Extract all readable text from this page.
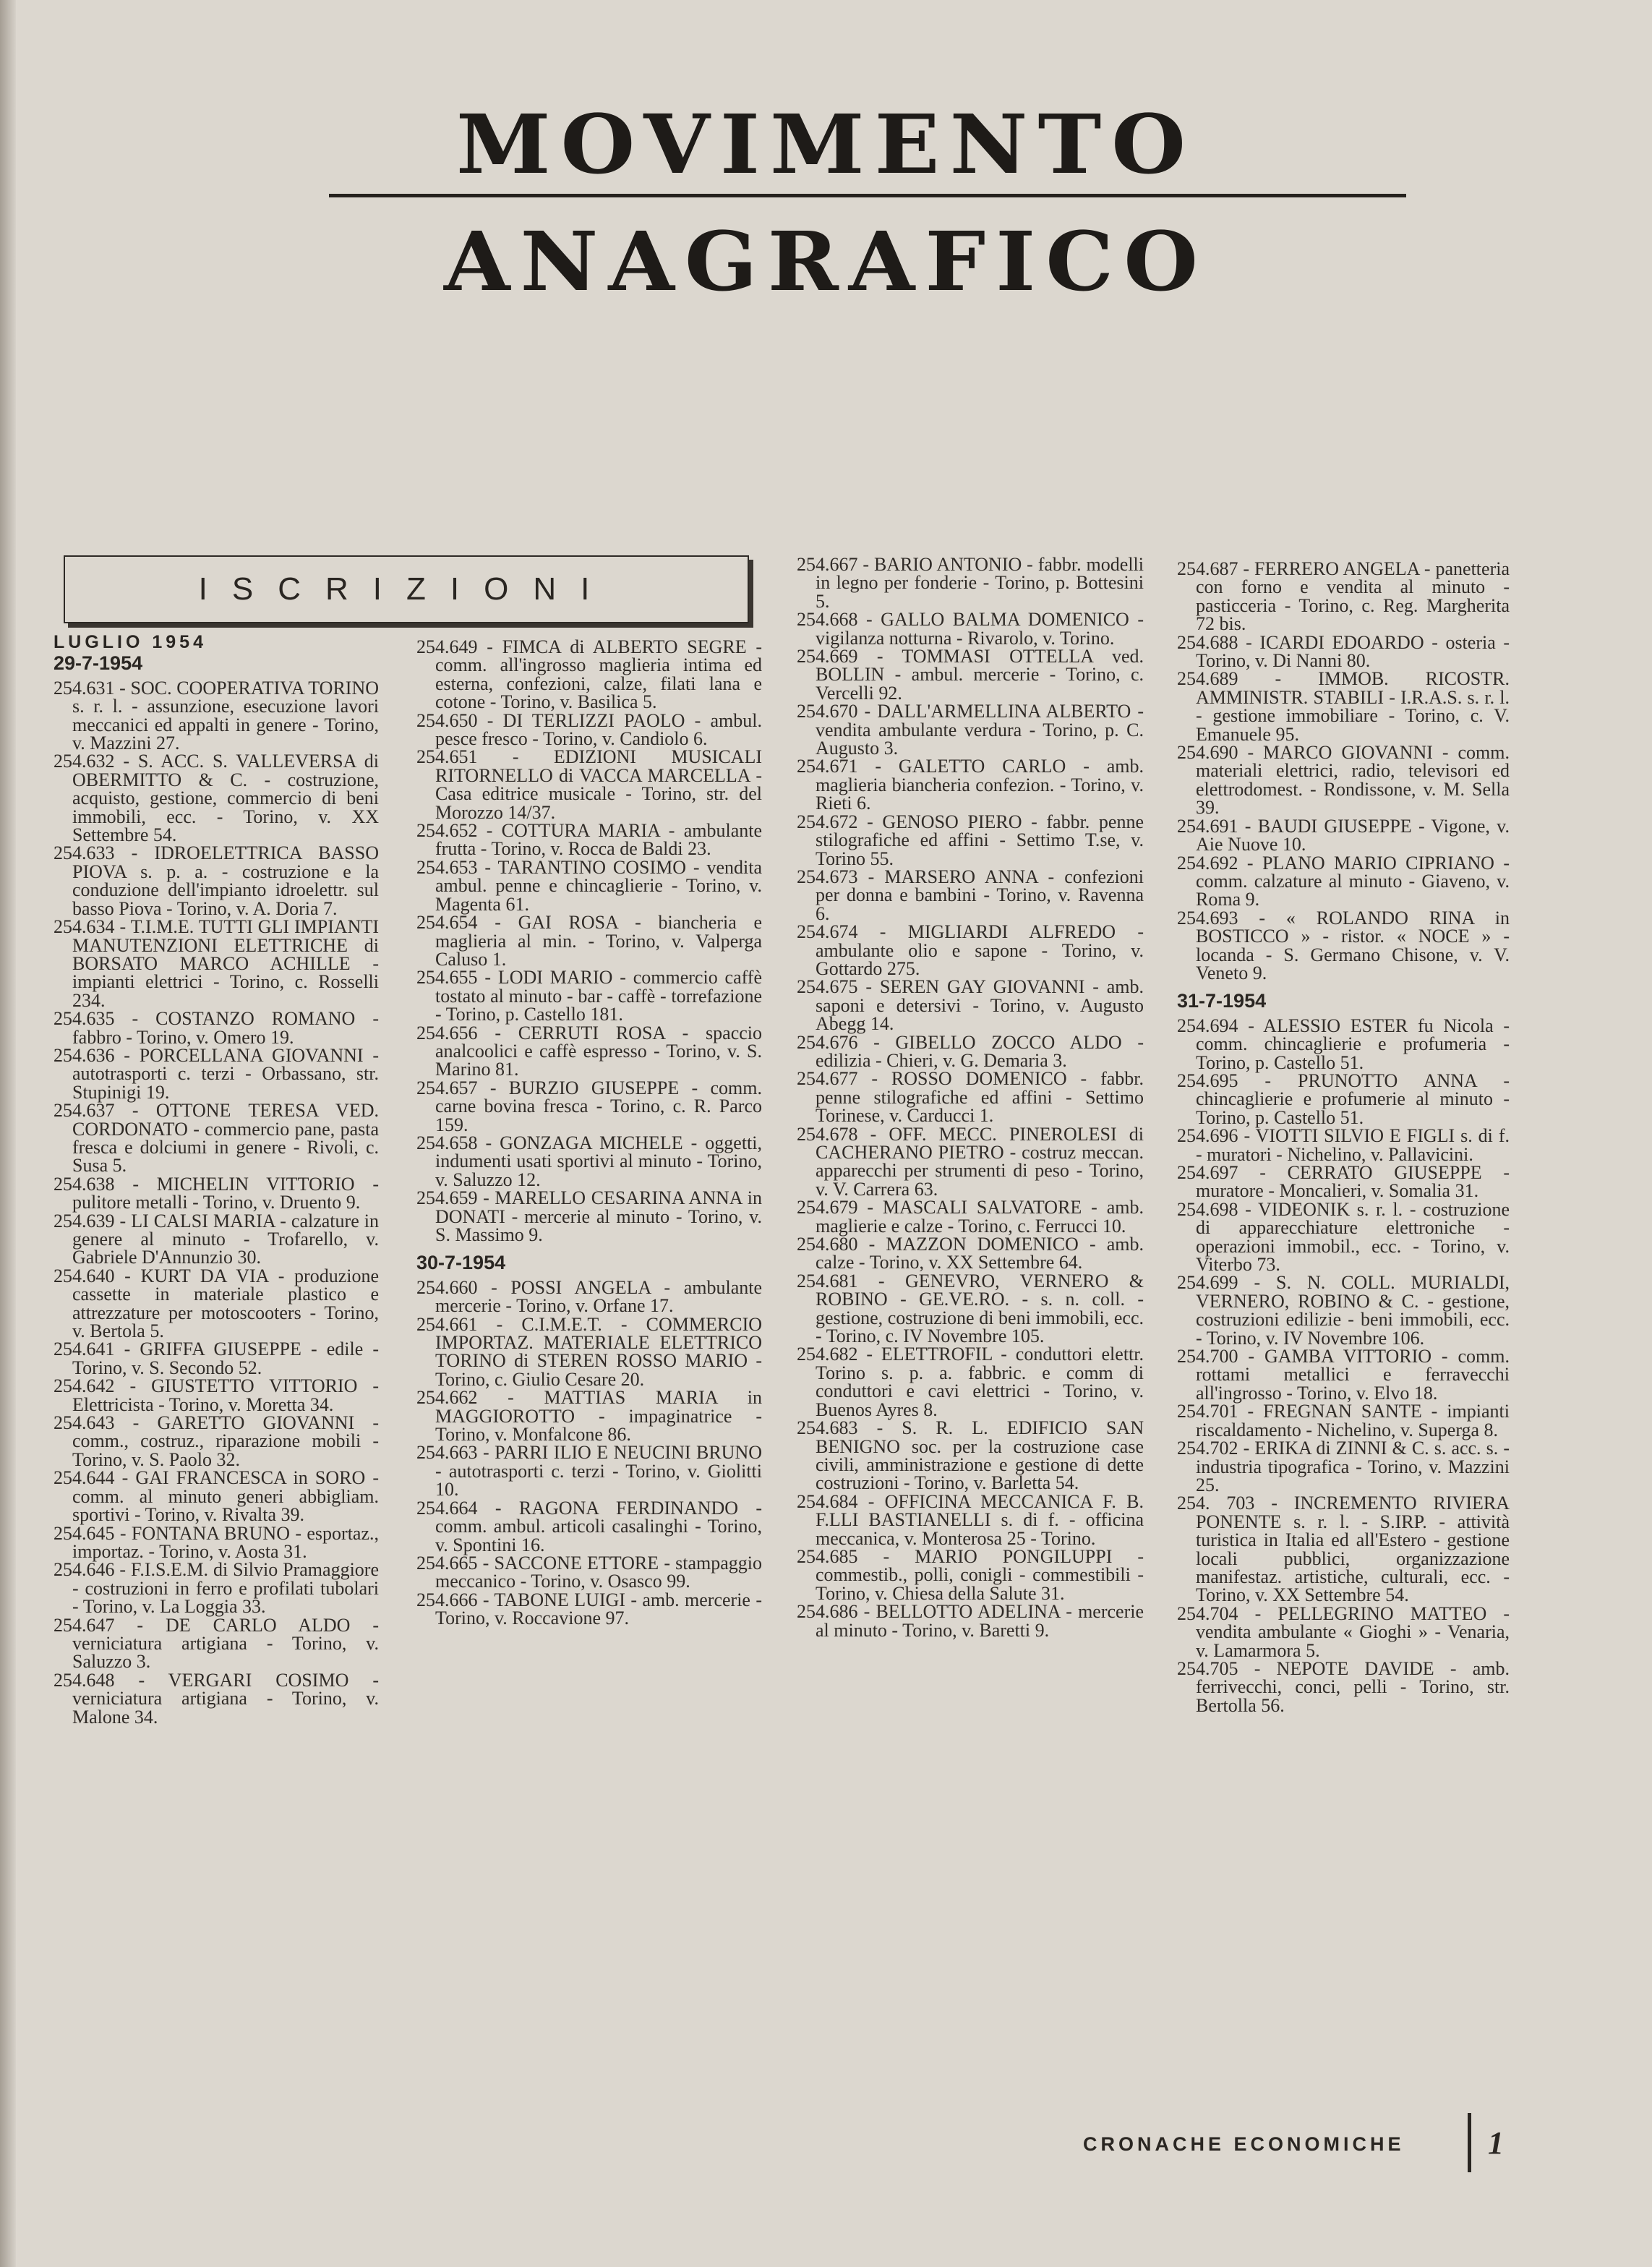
MOVIMENTO
ANAGRAFICO
ISCRIZIONI
LUGLIO 1954

29-7-1954

254.631 - SOC. COOPERATIVA TORINO s. r. l. - assunzione, esecuzione lavori meccanici ed appalti in genere - Torino, v. Mazzini 27.

254.632 - S. ACC. S. VALLEVERSA di OBERMITTO & C. - costruzione, acquisto, gestione, commercio di beni immobili, ecc. - Torino, v. XX Settembre 54.

254.633 - IDROELETTRICA BASSO PIOVA s. p. a. - costruzione e la conduzione dell'impianto idroelettr. sul basso Piova - Torino, v. A. Doria 7.

254.634 - T.I.M.E. TUTTI GLI IMPIANTI MANUTENZIONI ELETTRICHE di BORSATO MARCO ACHILLE - impianti elettrici - Torino, c. Rosselli 234.

254.635 - COSTANZO ROMANO - fabbro - Torino, v. Omero 19.

254.636 - PORCELLANA GIOVANNI - autotrasporti c. terzi - Orbassano, str. Stupinigi 19.

254.637 - OTTONE TERESA VED. CORDONATO - commercio pane, pasta fresca e dolciumi in genere - Rivoli, c. Susa 5.

254.638 - MICHELIN VITTORIO - pulitore metalli - Torino, v. Druento 9.

254.639 - LI CALSI MARIA - calzature in genere al minuto - Trofarello, v. Gabriele D'Annunzio 30.

254.640 - KURT DA VIA - produzione cassette in materiale plastico e attrezzature per motoscooters - Torino, v. Bertola 5.

254.641 - GRIFFA GIUSEPPE - edile - Torino, v. S. Secondo 52.

254.642 - GIUSTETTO VITTORIO - Elettricista - Torino, v. Moretta 34.

254.643 - GARETTO GIOVANNI - comm., costruz., riparazione mobili - Torino, v. S. Paolo 32.

254.644 - GAI FRANCESCA in SORO - comm. al minuto generi abbigliam. sportivi - Torino, v. Rivalta 39.

254.645 - FONTANA BRUNO - esportaz., importaz. - Torino, v. Aosta 31.

254.646 - F.I.S.E.M. di Silvio Pramaggiore - costruzioni in ferro e profilati tubolari - Torino, v. La Loggia 33.

254.647 - DE CARLO ALDO - verniciatura artigiana - Torino, v. Saluzzo 3.

254.648 - VERGARI COSIMO - verniciatura artigiana - Torino, v. Malone 34.

254.649 - FIMCA di ALBERTO SEGRE - comm. all'ingrosso maglieria intima ed esterna, confezioni, calze, filati lana e cotone - Torino, v. Basilica 5.

254.650 - DI TERLIZZI PAOLO - ambul. pesce fresco - Torino, v. Candiolo 6.

254.651 - EDIZIONI MUSICALI RITORNELLO di VACCA MARCELLA - Casa editrice musicale - Torino, str. del Morozzo 14/37.

254.652 - COTTURA MARIA - ambulante frutta - Torino, v. Rocca de Baldi 23.

254.653 - TARANTINO COSIMO - vendita ambul. penne e chincaglierie - Torino, v. Magenta 61.

254.654 - GAI ROSA - biancheria e maglieria al min. - Torino, v. Valperga Caluso 1.

254.655 - LODI MARIO - commercio caffè tostato al minuto - bar - caffè - torrefazione - Torino, p. Castello 181.

254.656 - CERRUTI ROSA - spaccio analcoolici e caffè espresso - Torino, v. S. Marino 81.

254.657 - BURZIO GIUSEPPE - comm. carne bovina fresca - Torino, c. R. Parco 159.

254.658 - GONZAGA MICHELE - oggetti, indumenti usati sportivi al minuto - Torino, v. Saluzzo 12.

254.659 - MARELLO CESARINA ANNA in DONATI - mercerie al minuto - Torino, v. S. Massimo 9.

30-7-1954

254.660 - POSSI ANGELA - ambulante mercerie - Torino, v. Orfane 17.

254.661 - C.I.M.E.T. - COMMERCIO IMPORTAZ. MATERIALE ELETTRICO TORINO di STEREN ROSSO MARIO - Torino, c. Giulio Cesare 20.

254.662 - MATTIAS MARIA in MAGGIOROTTO - impaginatrice - Torino, v. Monfalcone 86.

254.663 - PARRI ILIO E NEUCINI BRUNO - autotrasporti c. terzi - Torino, v. Giolitti 10.

254.664 - RAGONA FERDINANDO - comm. ambul. articoli casalinghi - Torino, v. Spontini 16.

254.665 - SACCONE ETTORE - stampaggio meccanico - Torino, v. Osasco 99.

254.666 - TABONE LUIGI - amb. mercerie - Torino, v. Roccavione 97.

254.667 - BARIO ANTONIO - fabbr. modelli in legno per fonderie - Torino, p. Bottesini 5.

254.668 - GALLO BALMA DOMENICO - vigilanza notturna - Rivarolo, v. Torino.

254.669 - TOMMASI OTTELLA ved. BOLLIN - ambul. mercerie - Torino, c. Vercelli 92.

254.670 - DALL'ARMELLINA ALBERTO - vendita ambulante verdura - Torino, p. C. Augusto 3.

254.671 - GALETTO CARLO - amb. maglieria biancheria confezion. - Torino, v. Rieti 6.

254.672 - GENOSO PIERO - fabbr. penne stilografiche ed affini - Settimo T.se, v. Torino 55.

254.673 - MARSERO ANNA - confezioni per donna e bambini - Torino, v. Ravenna 6.

254.674 - MIGLIARDI ALFREDO - ambulante olio e sapone - Torino, v. Gottardo 275.

254.675 - SEREN GAY GIOVANNI - amb. saponi e detersivi - Torino, v. Augusto Abegg 14.

254.676 - GIBELLO ZOCCO ALDO - edilizia - Chieri, v. G. Demaria 3.

254.677 - ROSSO DOMENICO - fabbr. penne stilografiche ed affini - Settimo Torinese, v. Carducci 1.

254.678 - OFF. MECC. PINEROLESI di CACHERANO PIETRO - costruz meccan. apparecchi per strumenti di peso - Torino, v. V. Carrera 63.

254.679 - MASCALI SALVATORE - amb. maglierie e calze - Torino, c. Ferrucci 10.

254.680 - MAZZON DOMENICO - amb. calze - Torino, v. XX Settembre 64.

254.681 - GENEVRO, VERNERO & ROBINO - GE.VE.RO. - s. n. coll. - gestione, costruzione di beni immobili, ecc. - Torino, c. IV Novembre 105.

254.682 - ELETTROFIL - conduttori elettr. Torino s. p. a. fabbric. e comm di conduttori e cavi elettrici - Torino, v. Buenos Ayres 8.

254.683 - S. R. L. EDIFICIO SAN BENIGNO soc. per la costruzione case civili, amministrazione e gestione di dette costruzioni - Torino, v. Barletta 54.

254.684 - OFFICINA MECCANICA F. B. F.LLI BASTIANELLI s. di f. - officina meccanica, v. Monterosa 25 - Torino.

254.685 - MARIO PONGILUPPI - commestib., polli, conigli - commestibili - Torino, v. Chiesa della Salute 31.

254.686 - BELLOTTO ADELINA - mercerie al minuto - Torino, v. Baretti 9.

254.687 - FERRERO ANGELA - panetteria con forno e vendita al minuto - pasticceria - Torino, c. Reg. Margherita 72 bis.

254.688 - ICARDI EDOARDO - osteria - Torino, v. Di Nanni 80.

254.689 - IMMOB. RICOSTR. AMMINISTR. STABILI - I.R.A.S. s. r. l. - gestione immobiliare - Torino, c. V. Emanuele 95.

254.690 - MARCO GIOVANNI - comm. materiali elettrici, radio, televisori ed elettrodomest. - Rondissone, v. M. Sella 39.

254.691 - BAUDI GIUSEPPE - Vigone, v. Aie Nuove 10.

254.692 - PLANO MARIO CIPRIANO - comm. calzature al minuto - Giaveno, v. Roma 9.

254.693 - « ROLANDO RINA in BOSTICCO » - ristor. « NOCE » - locanda - S. Germano Chisone, v. V. Veneto 9.

31-7-1954

254.694 - ALESSIO ESTER fu Nicola - comm. chincaglierie e profumeria - Torino, p. Castello 51.

254.695 - PRUNOTTO ANNA - chincaglierie e profumerie al minuto - Torino, p. Castello 51.

254.696 - VIOTTI SILVIO E FIGLI s. di f. - muratori - Nichelino, v. Pallavicini.

254.697 - CERRATO GIUSEPPE - muratore - Moncalieri, v. Somalia 31.

254.698 - VIDEONIK s. r. l. - costruzione di apparecchiature elettroniche - operazioni immobil., ecc. - Torino, v. Viterbo 73.

254.699 - S. N. COLL. MURIALDI, VERNERO, ROBINO & C. - gestione, costruzioni edilizie - beni immobili, ecc. - Torino, v. IV Novembre 106.

254.700 - GAMBA VITTORIO - comm. rottami metallici e ferravecchi all'ingrosso - Torino, v. Elvo 18.

254.701 - FREGNAN SANTE - impianti riscaldamento - Nichelino, v. Superga 8.

254.702 - ERIKA di ZINNI & C. s. acc. s. - industria tipografica - Torino, v. Mazzini 25.

254. 703 - INCREMENTO RIVIERA PONENTE s. r. l. - S.IRP. - attività turistica in Italia ed all'Estero - gestione locali pubblici, organizzazione manifestaz. artistiche, culturali, ecc. - Torino, v. XX Settembre 54.

254.704 - PELLEGRINO MATTEO - vendita ambulante « Gioghi » - Venaria, v. Lamarmora 5.

254.705 - NEPOTE DAVIDE - amb. ferrivecchi, conci, pelli - Torino, str. Bertolla 56.

CRONACHE ECONOMICHE	1
